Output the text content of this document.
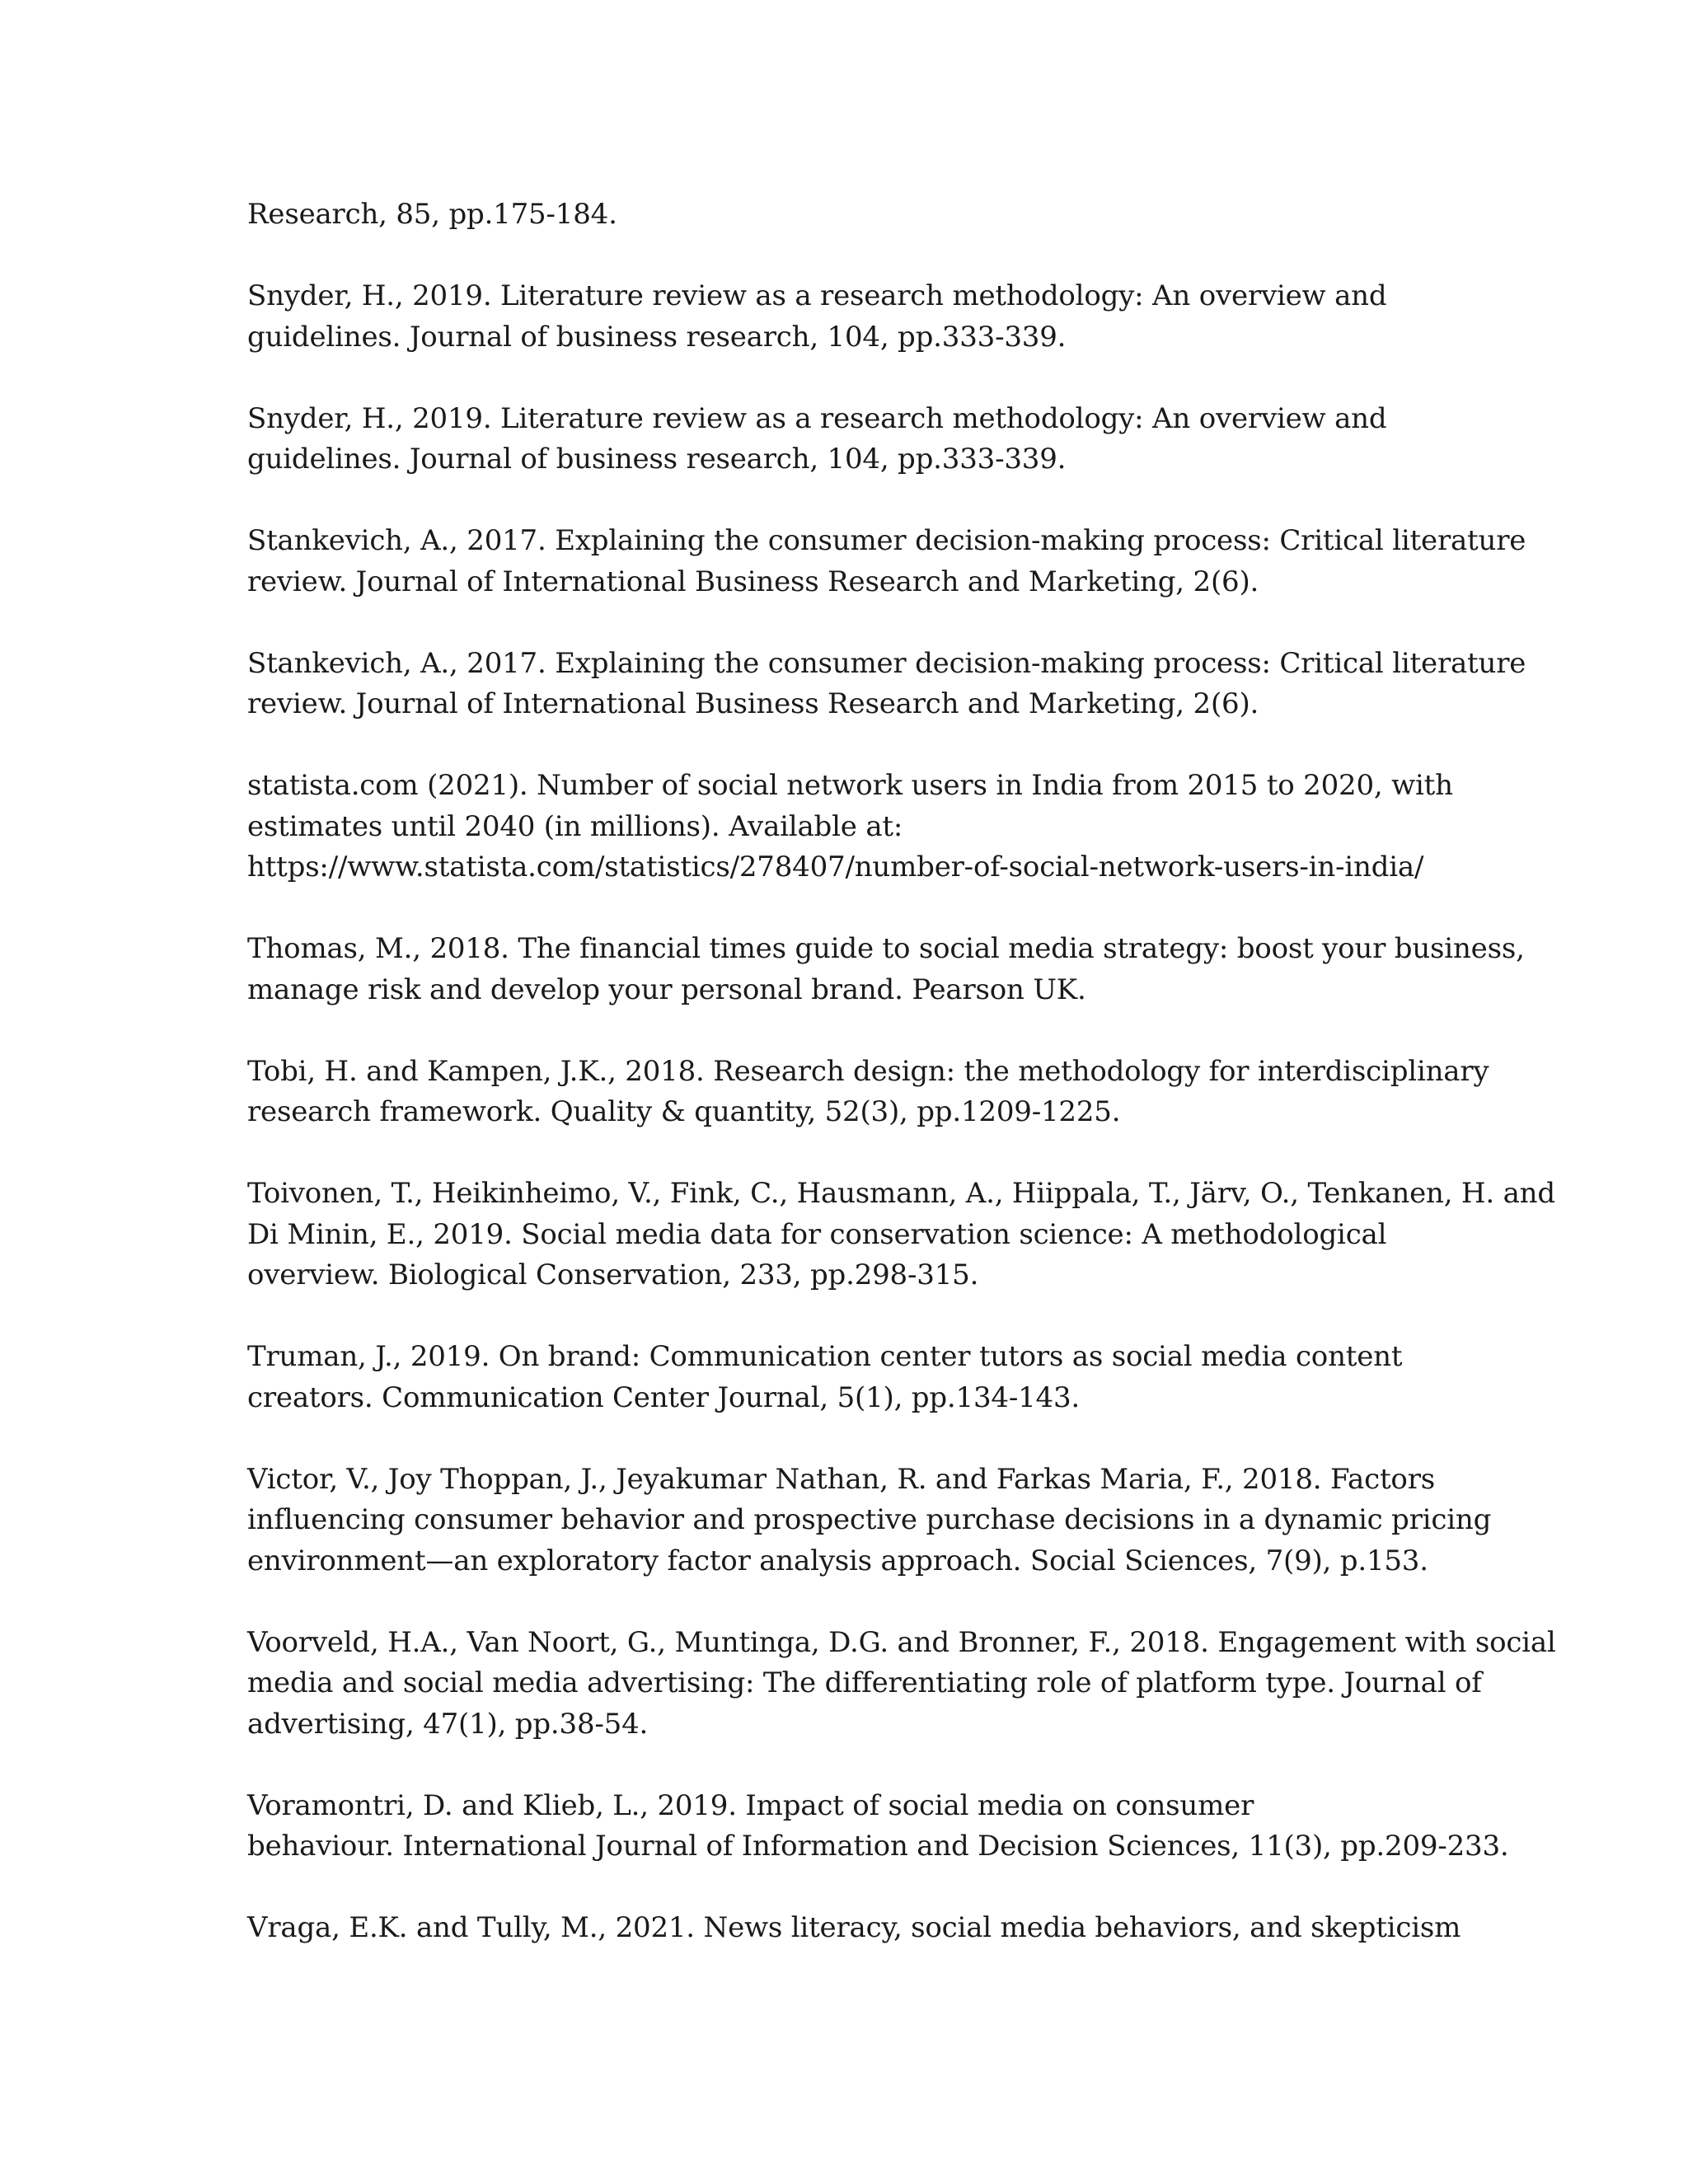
Research, 85, pp.175-184.

Snyder, H., 2019. Literature review as a research methodology: An overview and
guidelines. Journal of business research, 104, pp.333-339.

Snyder, H., 2019. Literature review as a research methodology: An overview and
guidelines. Journal of business research, 104, pp.333-339.

Stankevich, A., 2017. Explaining the consumer decision-making process: Critical literature
review. Journal of International Business Research and Marketing, 2(6).

Stankevich, A., 2017. Explaining the consumer decision-making process: Critical literature
review. Journal of International Business Research and Marketing, 2(6).

statista.com (2021). Number of social network users in India from 2015 to 2020, with
estimates until 2040 (in millions). Available at:
https://www.statista.com/statistics/278407/number-of-social-network-users-in-india/

Thomas, M., 2018. The financial times guide to social media strategy: boost your business,
manage risk and develop your personal brand. Pearson UK.

Tobi, H. and Kampen, J.K., 2018. Research design: the methodology for interdisciplinary
research framework. Quality & quantity, 52(3), pp.1209-1225.

Toivonen, T., Heikinheimo, V., Fink, C., Hausmann, A., Hiippala, T., Järv, O., Tenkanen, H. and
Di Minin, E., 2019. Social media data for conservation science: A methodological
overview. Biological Conservation, 233, pp.298-315.

Truman, J., 2019. On brand: Communication center tutors as social media content
creators. Communication Center Journal, 5(1), pp.134-143.

Victor, V., Joy Thoppan, J., Jeyakumar Nathan, R. and Farkas Maria, F., 2018. Factors
influencing consumer behavior and prospective purchase decisions in a dynamic pricing
environment—an exploratory factor analysis approach. Social Sciences, 7(9), p.153.

Voorveld, H.A., Van Noort, G., Muntinga, D.G. and Bronner, F., 2018. Engagement with social
media and social media advertising: The differentiating role of platform type. Journal of
advertising, 47(1), pp.38-54.

Voramontri, D. and Klieb, L., 2019. Impact of social media on consumer
behaviour. International Journal of Information and Decision Sciences, 11(3), pp.209-233.

Vraga, E.K. and Tully, M., 2021. News literacy, social media behaviors, and skepticism
